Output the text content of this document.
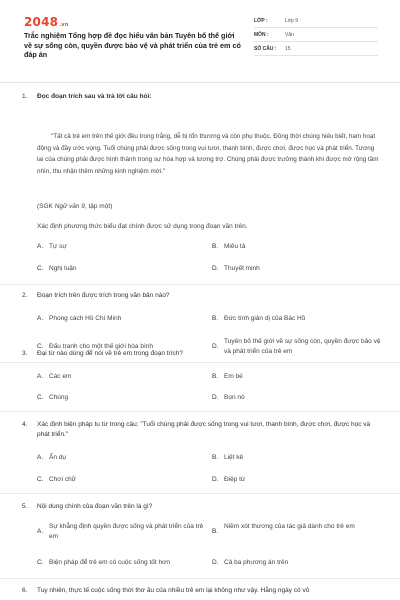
2048.vn
Trắc nghiệm Tổng hợp đề đọc hiểu văn bản Tuyên bố thế giới về sự sống còn, quyền được bảo vệ và phát triển của trẻ em có đáp án
LỚP :	Lớp 9
MÔN :	Văn
SỐ CÂU :	15
1.	Đọc đoạn trích sau và trả lời câu hỏi:
"Tất cả trẻ em trên thế giới đều trong trắng, dễ bị tổn thương và còn phụ thuộc. Đồng thời chúng hiếu biết, ham hoạt động và đầy ước vọng. Tuổi chúng phải được sống trong vui tươi, thanh bình, được chơi, được học và phát triển. Tương lai của chúng phải được hình thành trong sự hòa hợp và tương trợ. Chúng phải được trưởng thành khi được mở rộng tầm nhìn, thu nhận thêm những kinh nghiệm mới."
(SGK Ngữ văn 9, tập một)
Xác định phương thức biểu đạt chính được sử dụng trong đoạn văn trên.
A. Tự sự	B. Miêu tả
C. Nghị luận	D. Thuyết minh
2.	Đoạn trích trên được trích trong văn bản nào?
A. Phong cách Hồ Chí Minh	B. Đức tính giản dị của Bác Hồ
C. Đấu tranh cho một thế giới hòa bình	D.
Tuyên bố thế giới về sự sống còn, quyền được bảo vệ và phát triển của trẻ em
3.	Đại từ nào dùng để nói về trẻ em trong đoạn trích?
A. Các em	B. Em bé
C. Chúng	D. Bọn nó
4.	Xác định biện pháp tu từ trong câu: "Tuổi chúng phải được sống trong vui tươi, thanh bình, được chơi, được học và phát triển."
A. Ẩn dụ	B. Liệt kê
C. Chơi chữ	D. Điệp từ
5.	Nội dung chính của đoạn văn trên là gì?
A.
Sự khẳng định quyền được sống và phát triển của trẻ em
B.
Niềm xót thương của tác giả dành cho trẻ em
C. Biện pháp để trẻ em có cuộc sống tốt hơn	D. Cả ba phương án trên
6.	Tuy nhiên, thực tế cuộc sống thời thơ ấu của nhiều trẻ em lại không như vậy. Hằng ngày có vô
